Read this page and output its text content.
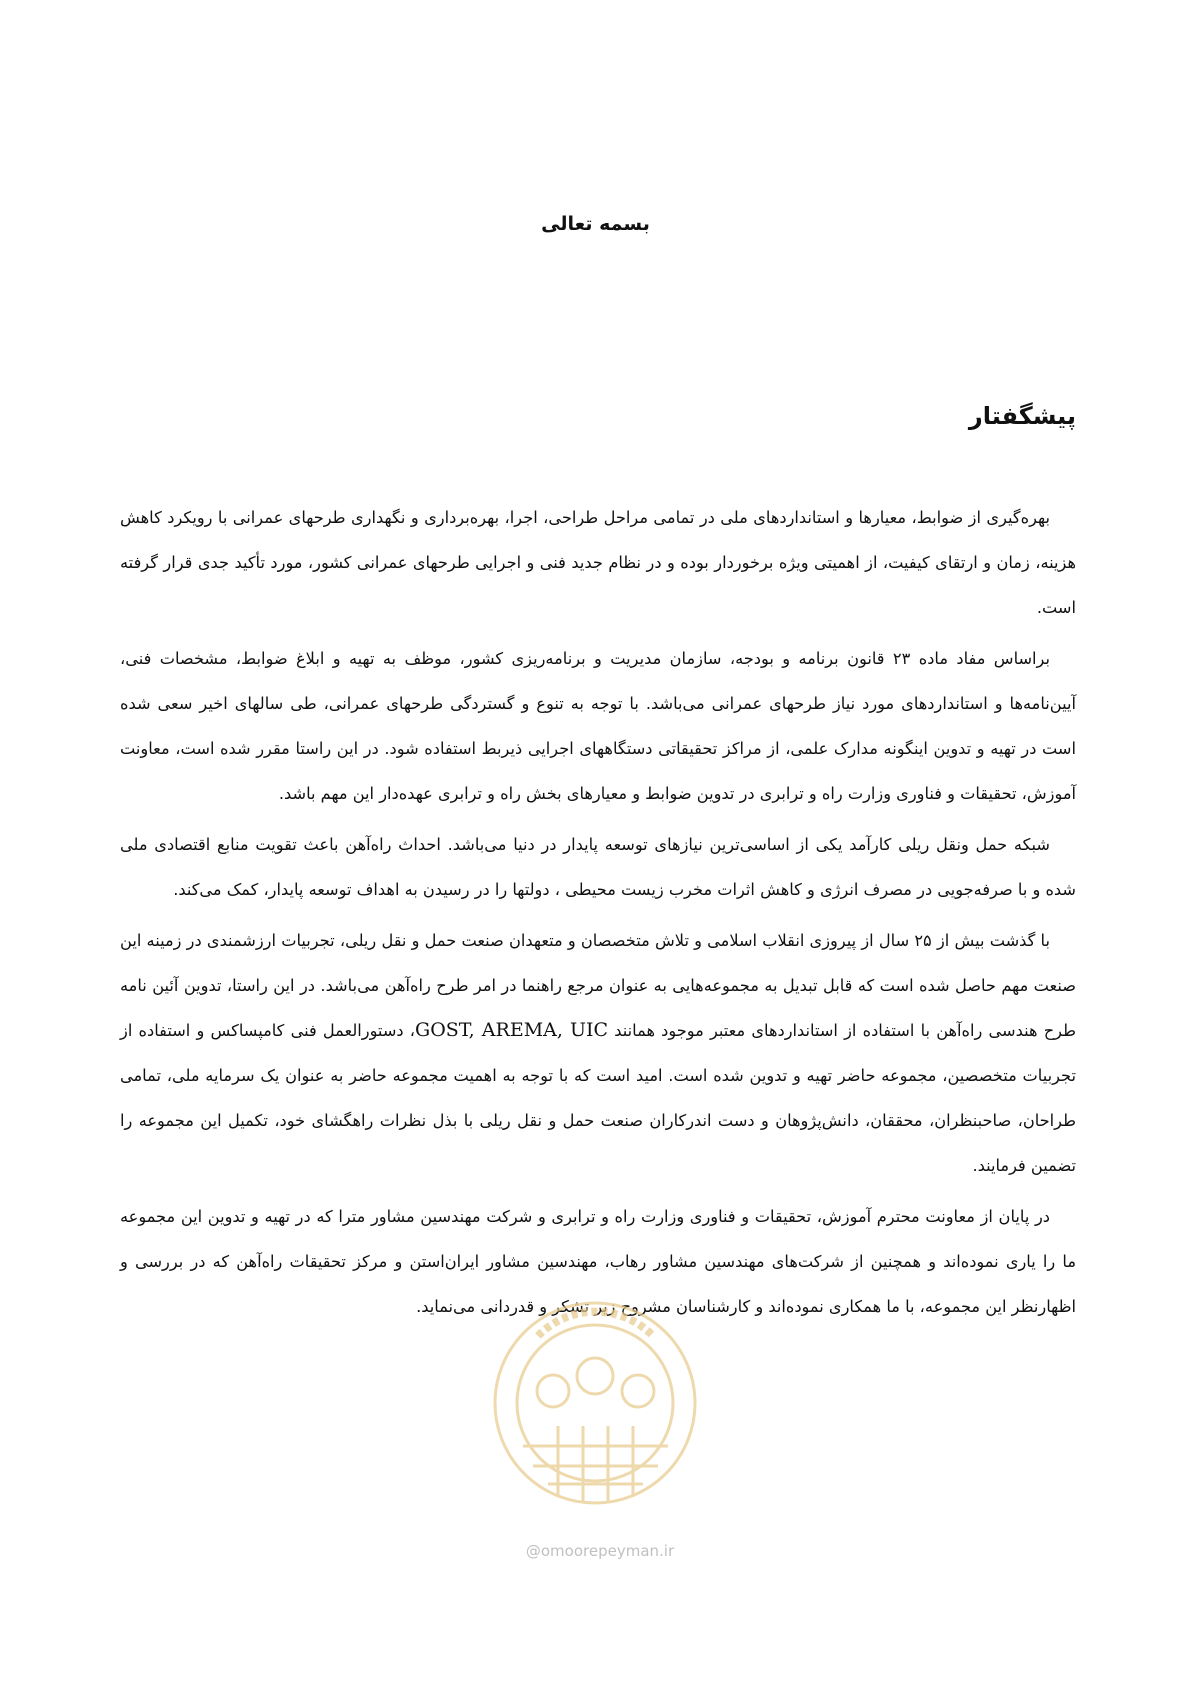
بسمه تعالی
پیشگفتار

بهره‌گیری از ضوابط، معیارها و استانداردهای ملی در تمامی مراحل طراحی، اجرا، بهره‌برداری و نگهداری طرحهای عمرانی با رویکرد کاهش هزینه، زمان و ارتقای کیفیت، از اهمیتی ویژه برخوردار بوده و در نظام جدید فنی و اجرایی طرحهای عمرانی کشور، مورد تأکید جدی قرار گرفته است.

براساس مفاد ماده ۲۳ قانون برنامه و بودجه، سازمان مدیریت و برنامه‌ریزی کشور، موظف به تهیه و ابلاغ ضوابط، مشخصات فنی، آیین‌نامه‌ها و استانداردهای مورد نیاز طرحهای عمرانی می‌باشد. با توجه به تنوع و گستردگی طرحهای عمرانی، طی سالهای اخیر سعی شده است در تهیه و تدوین اینگونه مدارک علمی، از مراکز تحقیقاتی دستگاههای اجرایی ذیربط استفاده شود. در این راستا مقرر شده است، معاونت آموزش، تحقیقات و فناوری وزارت راه و ترابری در تدوین ضوابط و معیارهای بخش راه و ترابری عهده‌دار این مهم باشد.

شبکه حمل ونقل ریلی کارآمد یکی از اساسی‌ترین نیازهای توسعه پایدار در دنیا می‌باشد. احداث راه‌آهن باعث تقویت منابع اقتصادی ملی شده و با صرفه‌جویی در مصرف انرژی و کاهش اثرات مخرب زیست محیطی ، دولتها را در رسیدن به اهداف توسعه پایدار، کمک می‌کند.

با گذشت بیش از ۲۵ سال از پیروزی انقلاب اسلامی و تلاش متخصصان و متعهدان صنعت حمل و نقل ریلی، تجربیات ارزشمندی در زمینه این صنعت مهم حاصل شده است که قابل تبدیل به مجموعه‌هایی به عنوان مرجع راهنما در امر طرح راه‌آهن می‌باشد. در این راستا، تدوین آئین نامه طرح هندسی راه‌آهن با استفاده از استانداردهای معتبر موجود همانند GOST, AREMA, UIC، دستورالعمل فنی کامپساکس و استفاده از تجربیات متخصصین، مجموعه حاضر تهیه و تدوین شده است. امید است که با توجه به اهمیت مجموعه حاضر به عنوان یک سرمایه ملی، تمامی طراحان، صاحبنظران، محققان، دانش‌پژوهان و دست اندرکاران صنعت حمل و نقل ریلی با بذل نظرات راهگشای خود، تکمیل این مجموعه را تضمین فرمایند.

در پایان از معاونت محترم آموزش، تحقیقات و فناوری وزارت راه و ترابری و شرکت مهندسین مشاور مترا که در تهیه و تدوین این مجموعه ما را یاری نموده‌اند و همچنین از شرکت‌های مهندسین مشاور رهاب، مهندسین مشاور ایران‌استن و مرکز تحقیقات راه‌آهن که در بررسی و اظهارنظر این مجموعه، با ما همکاری نموده‌اند و کارشناسان مشروح زیر تشکر و قدردانی می‌نماید.

@omoorepeyman.ir
